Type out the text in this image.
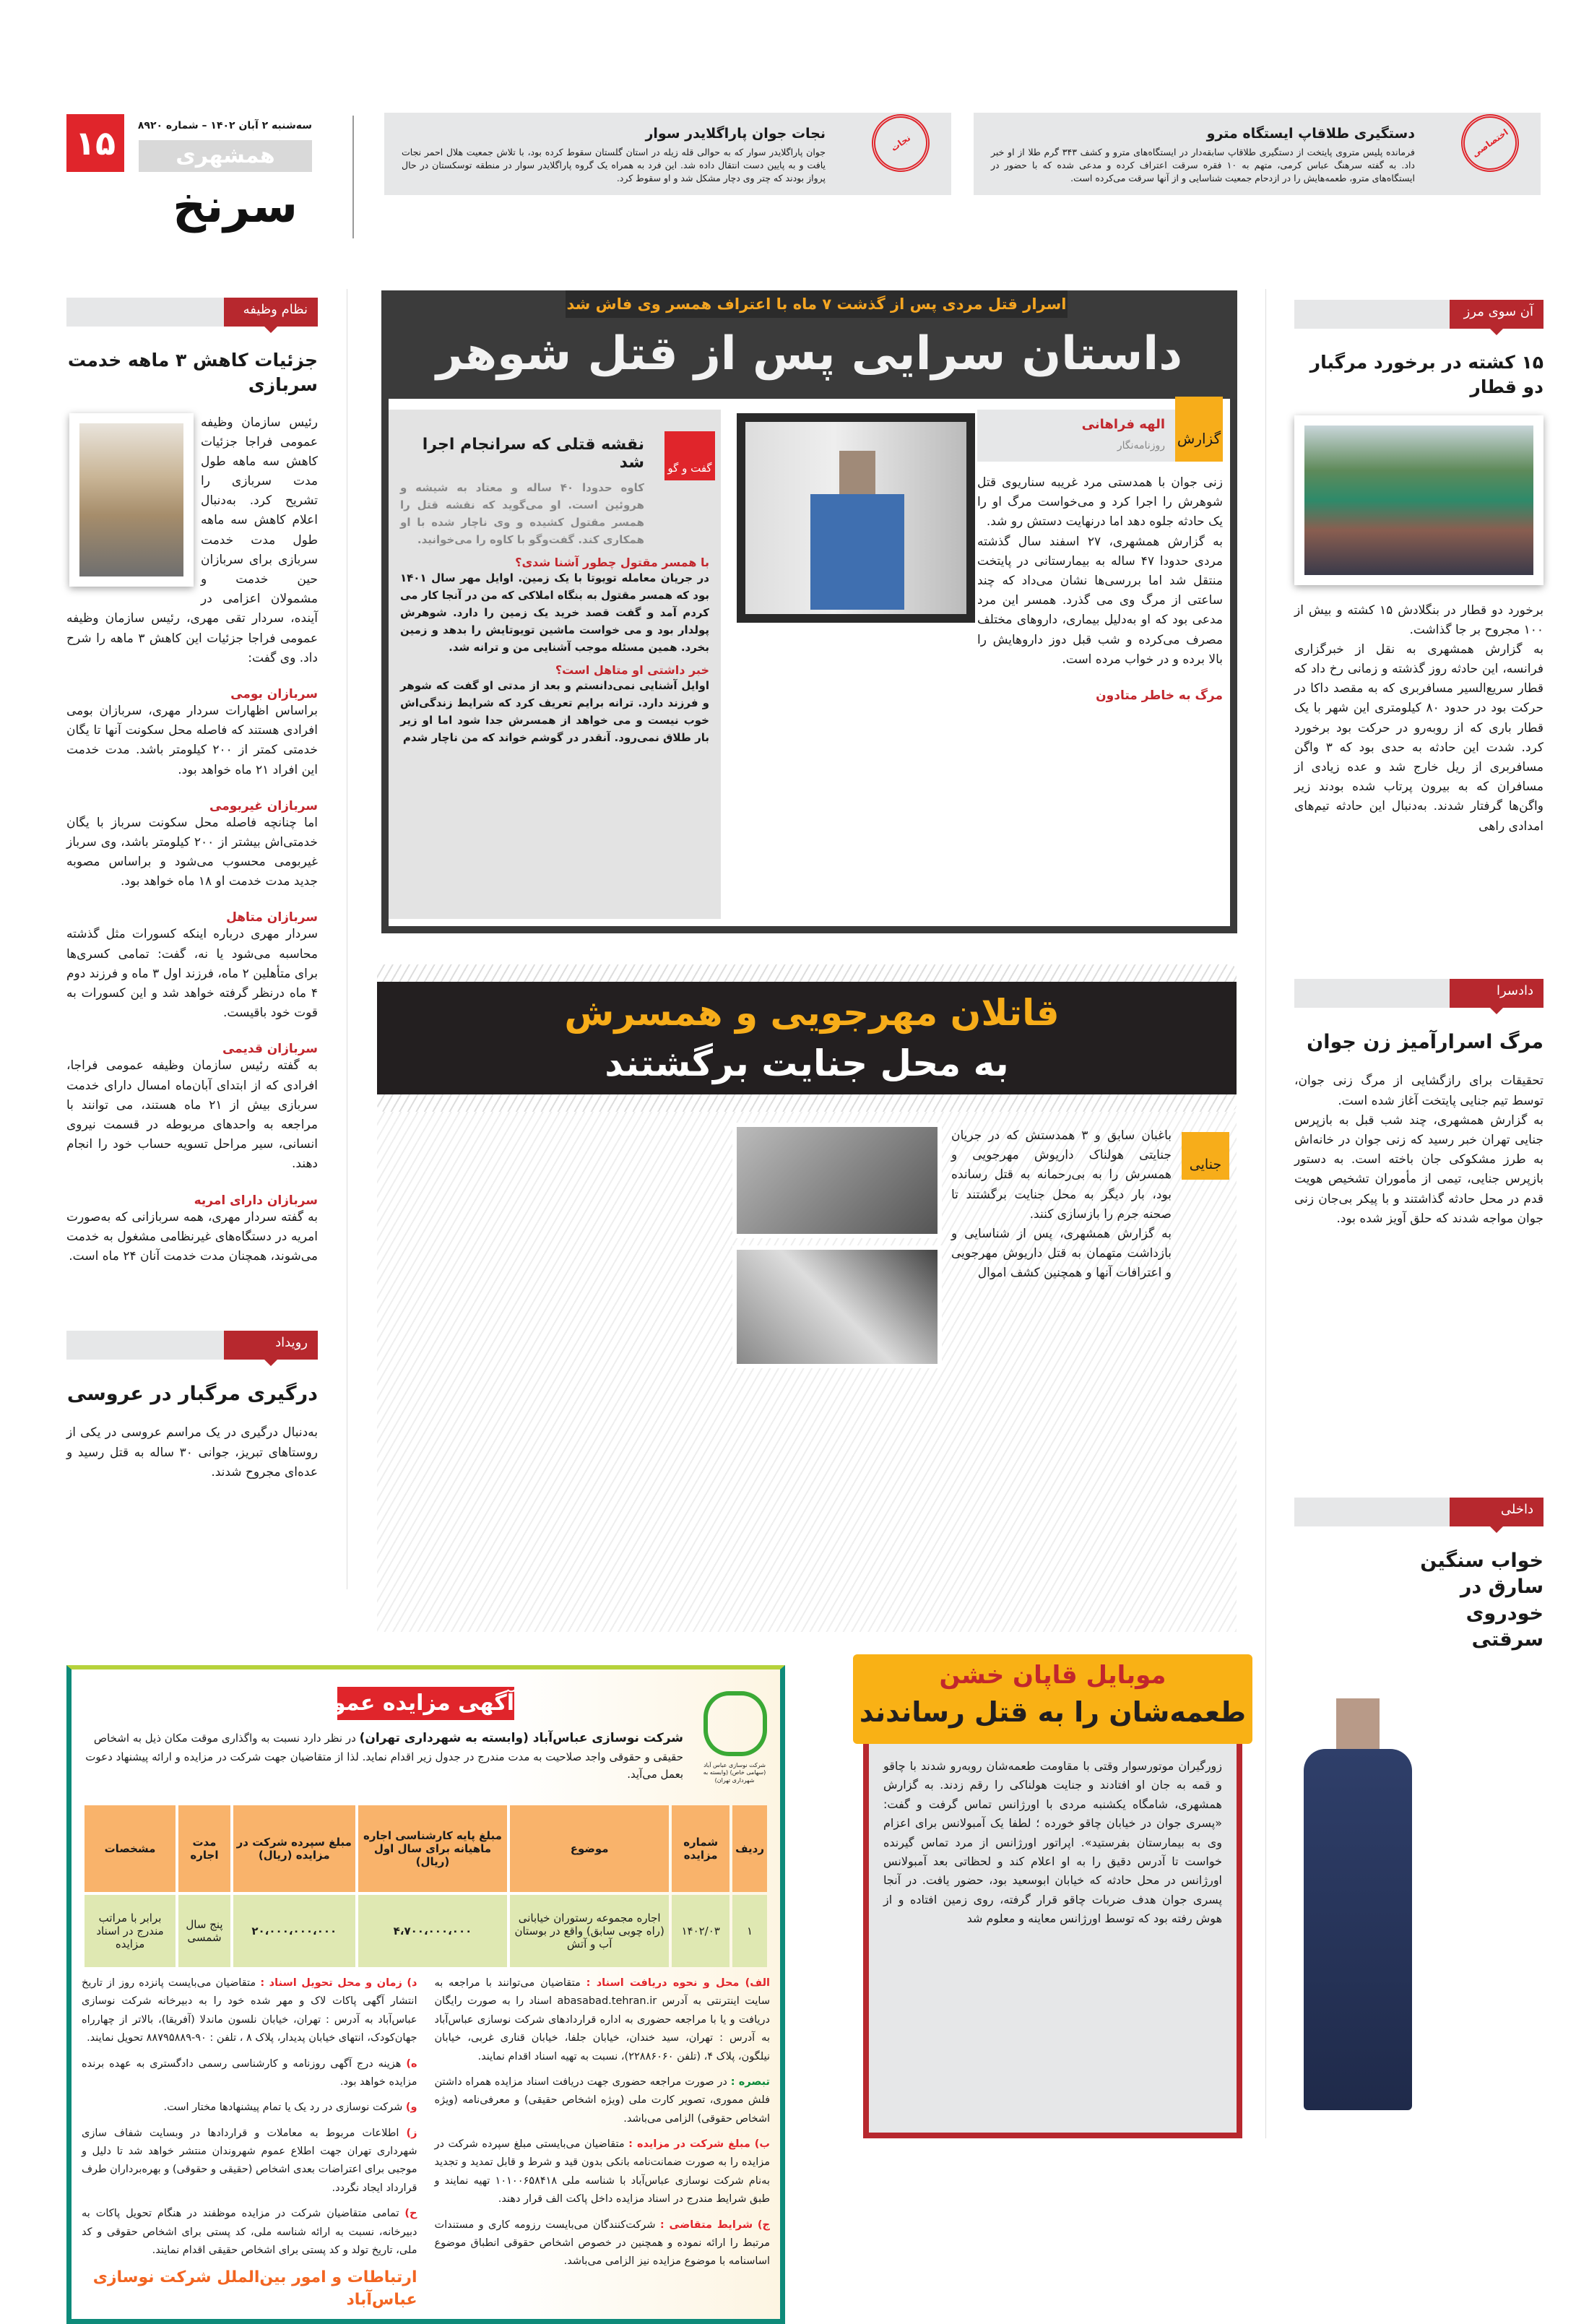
۱۵	سه‌شنبه ۲ آبان ۱۴۰۲ – شماره ۸۹۲۰
همشهری
سرنخ
اختصاصی
دستگیری طلاقاپ ایستگاه مترو

فرمانده پلیس متروی پایتخت از دستگیری طلاقاپ سابقه‌دار در ایستگاه‌های مترو و کشف ۳۴۳ گرم طلا از او خبر داد. به گفته سرهنگ عباس کرمی، متهم به ۱۰ فقره سرقت اعتراف کرده و مدعی شده که با حضور در ایستگاه‌های مترو، طعمه‌هایش را در ازدحام جمعیت شناسایی و از آنها سرقت می‌کرده است.

نجات
نجات جوان پاراگلایدر سوار

جوان پاراگلایدر سوار که به حوالی قله زیله در استان گلستان سقوط کرده بود، با تلاش جمعیت هلال احمر نجات یافت و به پایین دست انتقال داده شد. این فرد به همراه یک گروه پاراگلایدر سوار در منطقه توسکستان در حال پرواز بودند که چتر وی دچار مشکل شد و او سقوط کرد.

نظام وظیفه
جزئیات کاهش ۳ ماهه خدمت سربازی

رئیس سازمان وظیفه عمومی فراجا جزئیات کاهش سه ماهه طول مدت سربازی را تشریح کرد. به‌دنبال اعلام کاهش سه ماهه طول مدت خدمت سربازی برای سربازان حین خدمت و مشمولان اعزامی در آینده، سردار تقی مهری، رئیس سازمان وظیفه عمومی فراجا جزئیات این کاهش ۳ ماهه را شرح داد. وی گفت:

سربازان بومی

براساس اظهارات سردار مهری، سربازان بومی افرادی هستند که فاصله محل سکونت آنها تا یگان خدمتی کمتر از ۲۰۰ کیلومتر باشد. مدت خدمت این افراد ۲۱ ماه خواهد بود.

سربازان غیربومی

اما چنانچه فاصله محل سکونت سرباز با یگان خدمتی‌اش بیشتر از ۲۰۰ کیلومتر باشد، وی سرباز غیربومی محسوب می‌شود و براساس مصوبه جدید مدت خدمت او ۱۸ ماه خواهد بود.

سربازان متاهل

سردار مهری درباره اینکه کسورات مثل گذشته محاسبه می‌شود یا نه، گفت: تمامی کسری‌ها برای متأهلین ۲ ماه، فرزند اول ۳ ماه و فرزند دوم ۴ ماه درنظر گرفته خواهد شد و این کسورات به قوت خود باقیست.

سربازان قدیمی

به گفته رئیس سازمان وظیفه عمومی فراجا، افرادی که از ابتدای آبان‌ماه امسال دارای خدمت سربازی بیش از ۲۱ ماه هستند، می توانند با مراجعه به واحدهای مربوطه در قسمت نیروی انسانی، سیر مراحل تسویه حساب خود را انجام دهند.

سربازان دارای امریه

به گفته سردار مهری، همه سربازانی که به‌صورت امریه در دستگاه‌های غیرنظامی مشغول به خدمت می‌شوند، همچنان مدت خدمت آنان ۲۴ ماه است.

رویداد
درگیری مرگبار در عروسی

به‌دنبال درگیری در یک مراسم عروسی در یکی از روستاهای تبریز، جوانی ۳۰ ساله به قتل رسید و عده‌ای مجروح شدند.

اسرار قتل مردی پس از گذشت ۷ ماه با اعتراف همسر وی فاش شد
داستان سرایی پس از قتل شوهر
گزارش
الهه فراهانی
روزنامه‌نگار

زنی جوان با همدستی مرد غریبه سناریوی قتل شوهرش را اجرا کرد و می‌خواست مرگ او را یک حادثه جلوه دهد اما درنهایت دستش رو شد.

به گزارش همشهری، ۲۷ اسفند سال گذشته مردی حدودا ۴۷ ساله به بیمارستانی در پایتخت منتقل شد اما بررسی‌ها نشان می‌داد که چند ساعتی از مرگ وی می گذرد. همسر این مرد مدعی بود که او به‌دلیل بیماری، داروهای مختلف مصرف می‌کرده و شب قبل دوز داروهایش را بالا برده و در خواب مرده است.

مرگ به خاطر متادون
گفت و گو
نقشه قتلی که سرانجام اجرا شد

کاوه حدودا ۴۰ ساله و معتاد به شیشه و هروئین است. او می‌گوید که نقشه قتل را همسر مقتول کشیده و وی ناچار شده با او همکاری کند. گفت‌وگو با کاوه را می‌خوانید.

با همسر مقتول چطور آشنا شدی؟

در جریان معامله تویوتا با یک زمین. اوایل مهر سال ۱۴۰۱ بود که همسر مقتول به بنگاه املاکی که من در آنجا کار می کردم آمد و گفت قصد خرید یک زمین را دارد. شوهرش پولدار بود و می خواست ماشین تویوتایش را بدهد و زمین بخرد. همین مسئله موجب آشنایی من و ترانه شد.

خبر داشتی او متاهل است؟

اوایل آشنایی نمی‌دانستم و بعد از مدتی او گفت که شوهر و فرزند دارد. ترانه برایم تعریف کرد که شرایط زندگی‌اش خوب نیست و می خواهد از همسرش جدا شود اما او زیر بار طلاق نمی‌رود. آنقدر در گوشم خواند که من ناچار شدم

قاتلان مهرجویی و همسرش
به محل جنایت برگشتند
جنایی

باغبان سابق و ۳ همدستش که در جریان جنایتی هولناک داریوش مهرجویی و همسرش را به بی‌رحمانه به قتل رسانده بود، بار دیگر به محل جنایت برگشتند تا صحنه جرم را بازسازی کنند.

به گزارش همشهری، پس از شناسایی و بازداشت متهمان به قتل داریوش مهرجویی و اعترافات آنها و همچنین کشف اموال

موبایل قاپان خشن
طعمه‌شان را به قتل رساندند

زورگیران موتورسوار وقتی با مقاومت طعمه‌شان روبه‌رو شدند با چاقو و قمه به جان او افتادند و جنایت هولناکی را رقم زدند. به گزارش همشهری، شامگاه یکشنبه مردی با اورژانس تماس گرفت و گفت: «پسری جوان در خیابان چاقو خورده ؛ لطفا یک آمبولانس برای اعزام وی به بیمارستان بفرستید». اپراتور اورژانس از مرد تماس گیرنده خواست تا آدرس دقیق را به او اعلام کند و لحظاتی بعد آمبولانس اورژانس در محل حادثه که خیابان ابوسعید بود، حضور یافت. در آنجا پسری جوان هدف ضربات چاقو قرار گرفته، روی زمین افتاده و از هوش رفته بود که توسط اورژانس معاینه و معلوم شد

شرکت نوسازی عباس آباد (سهامی خاص) (وابسته به شهرداری تهران)
آگهی مزایده عمومی
شرکت نوسازی عباس‌آباد (وابسته به شهرداری تهران) در نظر دارد نسبت به واگذاری موقت مکان ذیل به اشخاص حقیقی و حقوقی واجد صلاحیت به مدت مندرج در جدول زیر اقدام نماید. لذا از متقاضیان جهت شرکت در مزایده و ارائه پیشنهاد دعوت بعمل می‌آید.
ردیف	شماره مزایده	موضوع	مبلغ پایه کارشناسی اجاره ماهیانه برای سال اول (ریال)	مبلغ سپرده شرکت در مزایده (ریال)	مدت اجاره	مشخصات
۱	۱۴۰۲/۰۳	اجاره مجموعه رستوران خیابانی (راه چوبی سابق) واقع در بوستان آب و آتش	۴،۷۰۰،۰۰۰،۰۰۰	۲۰،۰۰۰،۰۰۰،۰۰۰	پنج سال شمسی	برابر با مراتب مندرج در اسناد مزایده

الف) محل و نحوه دریافت اسناد : متقاضیان می‌توانند با مراجعه به سایت اینترنتی به آدرس abasabad.tehran.ir اسناد را به صورت رایگان دریافت و یا با مراجعه حضوری به اداره قراردادهای شرکت نوسازی عباس‌آباد به آدرس : تهران، سید خندان، خیابان جلفا، خیابان قناری غربی، خیابان نیلگون، پلاک ۴، (تلفن ۲۲۸۸۶۰۶۰)، نسبت به تهیه اسناد اقدام نمایند.

تبصره : در صورت مراجعه حضوری جهت دریافت اسناد مزایده همراه داشتن فلش مموری، تصویر کارت ملی (ویژه اشخاص حقیقی) و معرفی‌نامه (ویژه اشخاص حقوقی) الزامی می‌باشد.

ب) مبلغ شرکت در مزایده : متقاضیان می‌بایستی مبلغ سپرده شرکت در مزایده را به صورت ضمانت‌نامه بانکی بدون قید و شرط و قابل تمدید و تجدید به‌نام شرکت نوسازی عباس‌آباد با شناسه ملی ۱۰۱۰۰۶۵۸۴۱۸ تهیه نمایند و طبق شرایط مندرج در اسناد مزایده داخل پاکت الف قرار دهند.

ج) شرایط متقاضی : شرکت‌کنندگان می‌بایست رزومه کاری و مستندات مرتبط را ارائه نموده و همچنین در خصوص اشخاص حقوقی انطباق موضوع اساسنامه با موضوع مزایده نیز الزامی می‌باشد.

د) زمان و محل تحویل اسناد : متقاضیان می‌بایست پانزده روز از تاریخ انتشار آگهی پاکات لاک و مهر شده خود را به دبیرخانه شرکت نوسازی عباس‌آباد به آدرس : تهران، خیابان نلسون ماندلا (آفریقا)، بالاتر از چهارراه جهان‌کودک، انتهای خیابان پدیدار، پلاک ۸ ، تلفن : ۹۰-۸۸۷۹۵۸۸۹ تحویل نمایند.

ه) هزینه درج آگهی روزنامه و کارشناسی رسمی دادگستری به عهده برنده مزایده خواهد بود.

و) شرکت نوسازی در رد یک یا تمام پیشنهادها مختار است.

ز) اطلاعات مربوط به معاملات و قراردادها در وبسایت شفاف سازی شهرداری تهران جهت اطلاع عموم شهروندان منتشر خواهد شد تا دلیل و موجبی برای اعتراضات بعدی اشخاص (حقیقی و حقوقی) و بهره‌برداران طرف قرارداد ایجاد نگردد.

ح) تمامی متقاضیان شرکت در مزایده موظفند در هنگام تحویل پاکات به دبیرخانه، نسبت به ارائه شناسه ملی، کد پستی برای اشخاص حقوقی و کد ملی، تاریخ تولد و کد پستی برای اشخاص حقیقی اقدام نمایند.

ارتباطات و امور بین‌الملل شرکت نوسازی عباس‌آباد
آن سوی مرز
۱۵ کشته در برخورد مرگبار دو قطار

برخورد دو قطار در بنگلادش ۱۵ کشته و بیش از ۱۰۰ مجروح بر جا گذاشت.

به گزارش همشهری به نقل از خبرگزاری فرانسه، این حادثه روز گذشته و زمانی رخ داد که قطار سریع‌السیر مسافربری که به مقصد داکا در حرکت بود در حدود ۸۰ کیلومتری این شهر با یک قطار باری که از روبه‌رو در حرکت بود برخورد کرد. شدت این حادثه به حدی بود که ۳ واگن مسافربری از ریل خارج شد و عده زیادی از مسافران که به بیرون پرتاب شده بودند زیر واگن‌ها گرفتار شدند. به‌دنبال این حادثه تیم‌های امدادی راهی

دادسرا
مرگ اسرارآمیز زن جوان

تحقیقات برای رازگشایی از مرگ زنی جوان، توسط تیم جنایی پایتخت آغاز شده است.

به گزارش همشهری، چند شب قبل به بازپرس جنایی تهران خبر رسید که زنی جوان در خانه‌اش به طرز مشکوکی جان باخته است. به دستور بازپرس جنایی، تیمی از مأموران تشخیص هویت قدم در محل حادثه گذاشتند و با پیکر بی‌جان زنی جوان مواجه شدند که حلق آویز شده بود.

داخلی
خواب سنگین سارق در خودروی سرقتی
